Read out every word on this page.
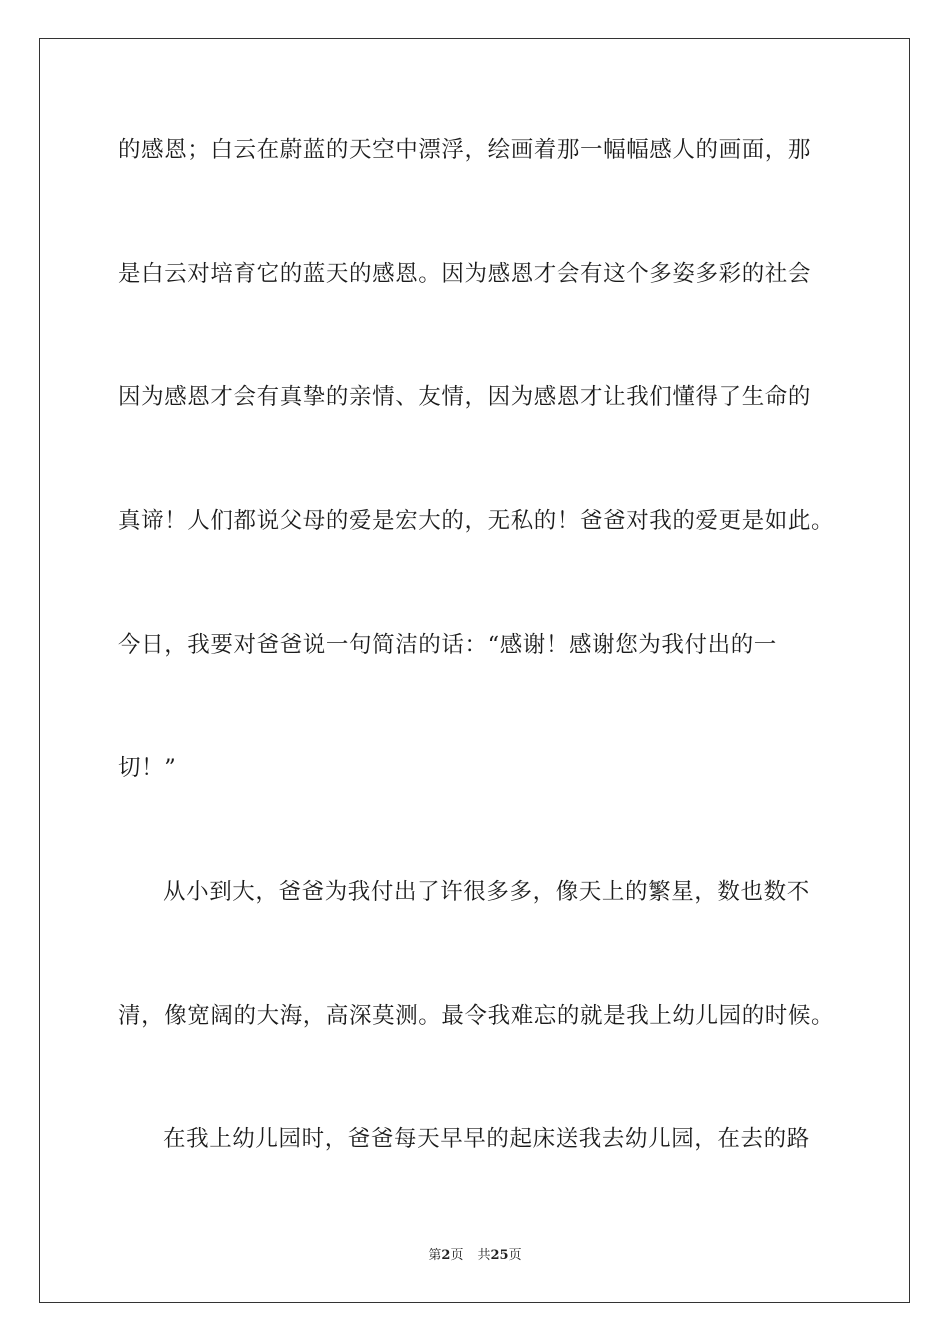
的感恩；白云在蔚蓝的天空中漂浮，绘画着那一幅幅感人的画面，那
是白云对培育它的蓝天的感恩。因为感恩才会有这个多姿多彩的社会
因为感恩才会有真挚的亲情、友情，因为感恩才让我们懂得了生命的
真谛！人们都说父母的爱是宏大的，无私的！爸爸对我的爱更是如此。
今日，我要对爸爸说一句简洁的话：“感谢！感谢您为我付出的一
切！”
从小到大，爸爸为我付出了许很多多，像天上的繁星，数也数不
清，像宽阔的大海，高深莫测。最令我难忘的就是我上幼儿园的时候。
在我上幼儿园时，爸爸每天早早的起床送我去幼儿园，在去的路
第2页 共25页
